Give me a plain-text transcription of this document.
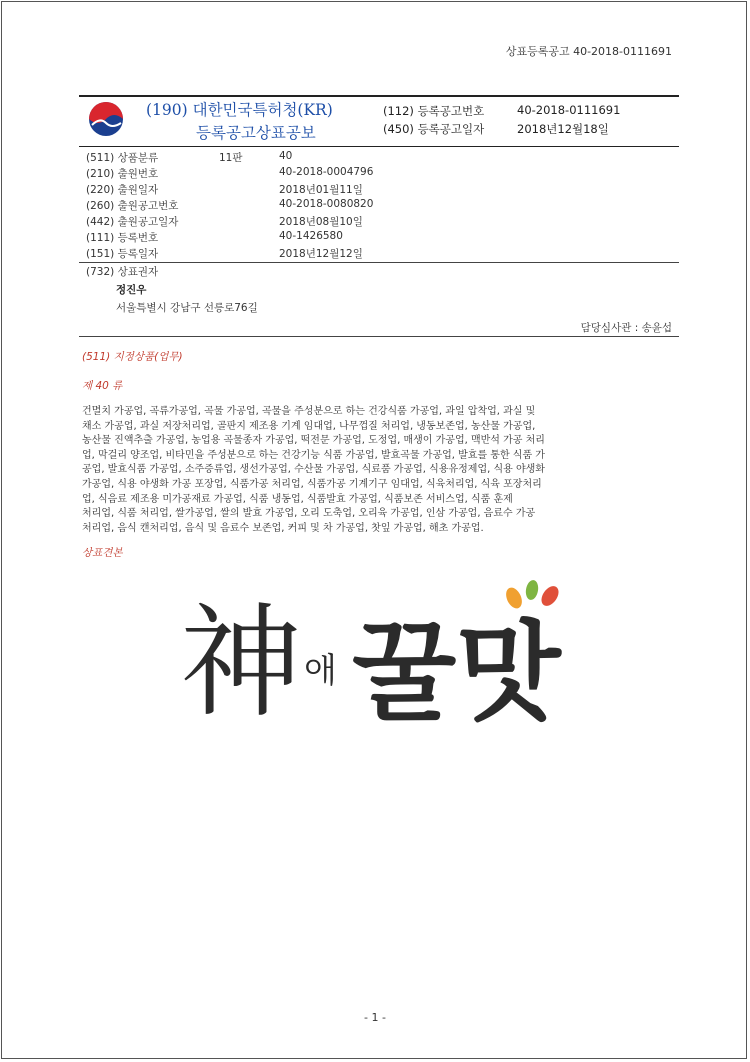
상표등록공고 40-2018-0111691
(190) 대한민국특허청(KR)
등록공고상표공보
(112) 등록공고번호	40-2018-0111691
(450) 등록공고일자	2018년12월18일
(511) 상품분류	11판	40
(210) 출원번호	40-2018-0004796
(220) 출원일자	2018년01월11일
(260) 출원공고번호	40-2018-0080820
(442) 출원공고일자	2018년08월10일
(111) 등록번호	40-1426580
(151) 등록일자	2018년12월12일
(732) 상표권자
정진우
서울특별시 강남구 선릉로76길
담당심사관 : 송윤섭
(511) 지정상품(업무)
제 40 류
건멸치 가공업, 곡류가공업, 곡물 가공업, 곡물을 주성분으로 하는 건강식품 가공업, 과일 압착업, 과실 및
채소 가공업, 과실 저장처리업, 골판지 제조용 기계 임대업, 나무껍질 처리업, 냉동보존업, 농산물 가공업,
농산물 진액추출 가공업, 농업용 곡물종자 가공업, 떡전문 가공업, 도정업, 매생이 가공업, 맥반석 가공 처리
업, 막걸리 양조업, 비타민을 주성분으로 하는 건강기능 식품 가공업, 발효곡물 가공업, 발효를 통한 식품 가
공업, 발효식품 가공업, 소주증류업, 생선가공업, 수산물 가공업, 식료품 가공업, 식용유정제업, 식용 야생화
가공업, 식용 야생화 가공 포장업, 식품가공 처리업, 식품가공 기계기구 임대업, 식육처리업, 식육 포장처리
업, 식음료 제조용 미가공재료 가공업, 식품 냉동업, 식품발효 가공업, 식품보존 서비스업, 식품 훈제
처리업, 식품 처리업, 쌀가공업, 쌀의 발효 가공업, 오리 도축업, 오리육 가공업, 인삼 가공업, 음료수 가공
처리업, 음식 캔처리업, 음식 및 음료수 보존업, 커피 및 차 가공업, 찻잎 가공업, 해초 가공업.
상표견본
神 애 꿀맛
- 1 -
